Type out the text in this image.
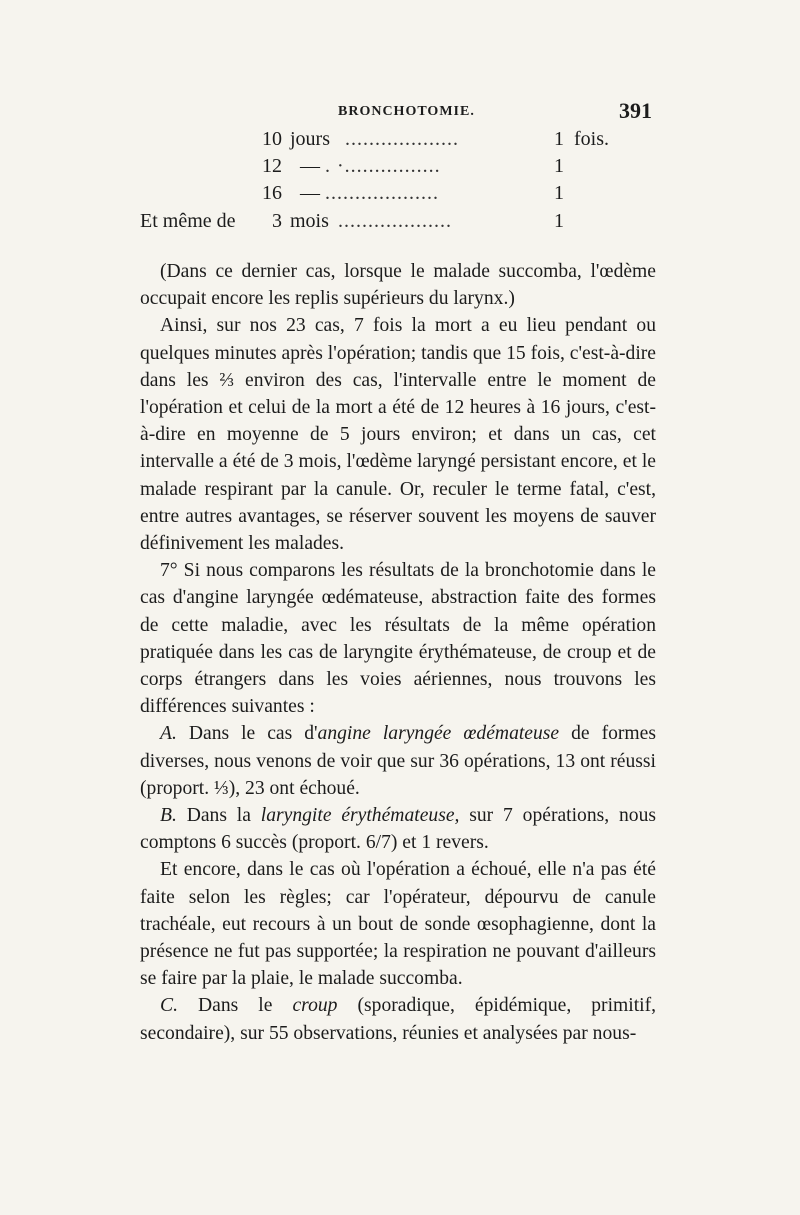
BRONCHOTOMIE.	391
10 jours ...................	1 fois.
12 — . ·................	1
16 — ...................	1
Et même de	3 mois ...................	1

(Dans ce dernier cas, lorsque le malade succomba, l'œdème occupait encore les replis supérieurs du larynx.)

Ainsi, sur nos 23 cas, 7 fois la mort a eu lieu pendant ou quelques minutes après l'opération; tandis que 15 fois, c'est-à-dire dans les ⅔ environ des cas, l'intervalle entre le moment de l'opération et celui de la mort a été de 12 heures à 16 jours, c'est-à-dire en moyenne de 5 jours environ; et dans un cas, cet intervalle a été de 3 mois, l'œdème laryngé persistant encore, et le malade respirant par la canule. Or, reculer le terme fatal, c'est, entre autres avantages, se réserver souvent les moyens de sauver définivement les malades.

7° Si nous comparons les résultats de la bronchotomie dans le cas d'angine laryngée œdémateuse, abstraction faite des formes de cette maladie, avec les résultats de la même opération pratiquée dans les cas de laryngite érythémateuse, de croup et de corps étrangers dans les voies aériennes, nous trouvons les différences suivantes :

A. Dans le cas d'angine laryngée œdémateuse de formes diverses, nous venons de voir que sur 36 opérations, 13 ont réussi (proport. ⅓), 23 ont échoué.

B. Dans la laryngite érythémateuse, sur 7 opérations, nous comptons 6 succès (proport. 6/7) et 1 revers.

Et encore, dans le cas où l'opération a échoué, elle n'a pas été faite selon les règles; car l'opérateur, dépourvu de canule trachéale, eut recours à un bout de sonde œsophagienne, dont la présence ne fut pas supportée; la respiration ne pouvant d'ailleurs se faire par la plaie, le malade succomba.

C. Dans le croup (sporadique, épidémique, primitif, secondaire), sur 55 observations, réunies et analysées par nous-
